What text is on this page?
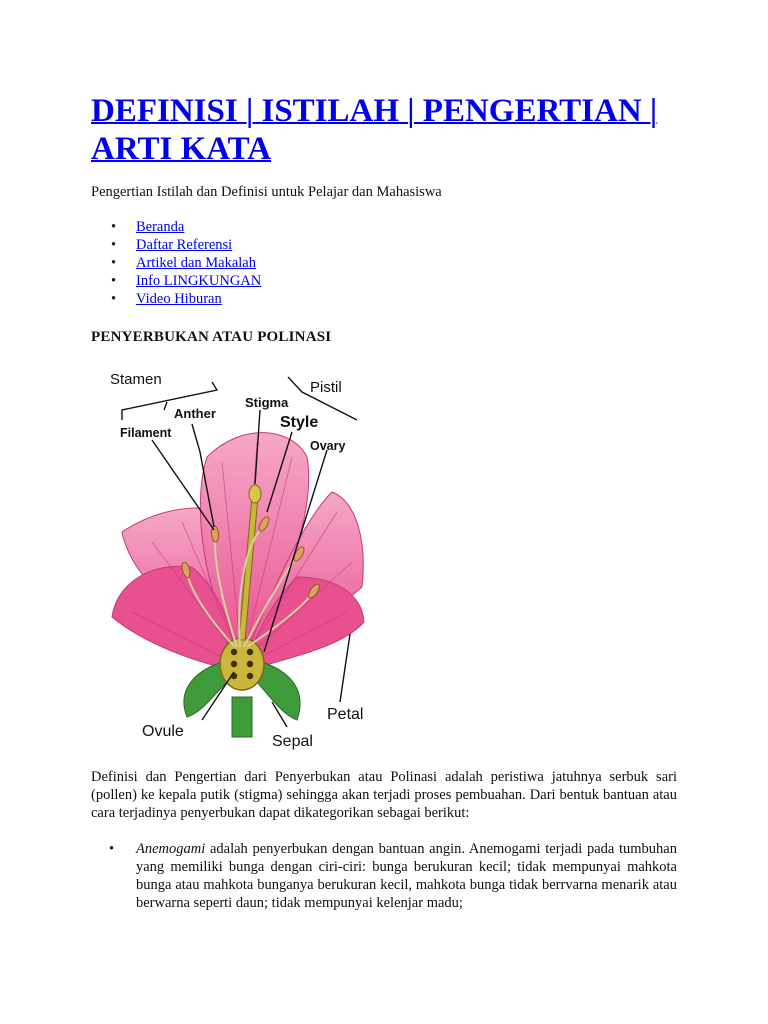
DEFINISI | ISTILAH | PENGERTIAN | ARTI KATA

Pengertian Istilah dan Definisi untuk Pelajar dan Mahasiswa

• Beranda
• Daftar Referensi
• Artikel dan Makalah
• Info LINGKUNGAN
• Video Hiburan
PENYERBUKAN ATAU POLINASI
Stamen
Anther
Filament
Stigma
Style
Pistil
Ovary
Ovule
Sepal
Petal

Definisi dan Pengertian dari Penyerbukan atau Polinasi adalah peristiwa jatuhnya serbuk sari (pollen) ke kepala putik (stigma) sehingga akan terjadi proses pembuahan. Dari bentuk bantuan atau cara terjadinya penyerbukan dapat dikategorikan sebagai berikut:

• Anemogami adalah penyerbukan dengan bantuan angin. Anemogami terjadi pada tumbuhan yang memiliki bunga dengan ciri-ciri: bunga berukuran kecil; tidak mempunyai mahkota bunga atau mahkota bunganya berukuran kecil, mahkota bunga tidak berrvarna menarik atau berwarna seperti daun; tidak mempunyai kelenjar madu;
